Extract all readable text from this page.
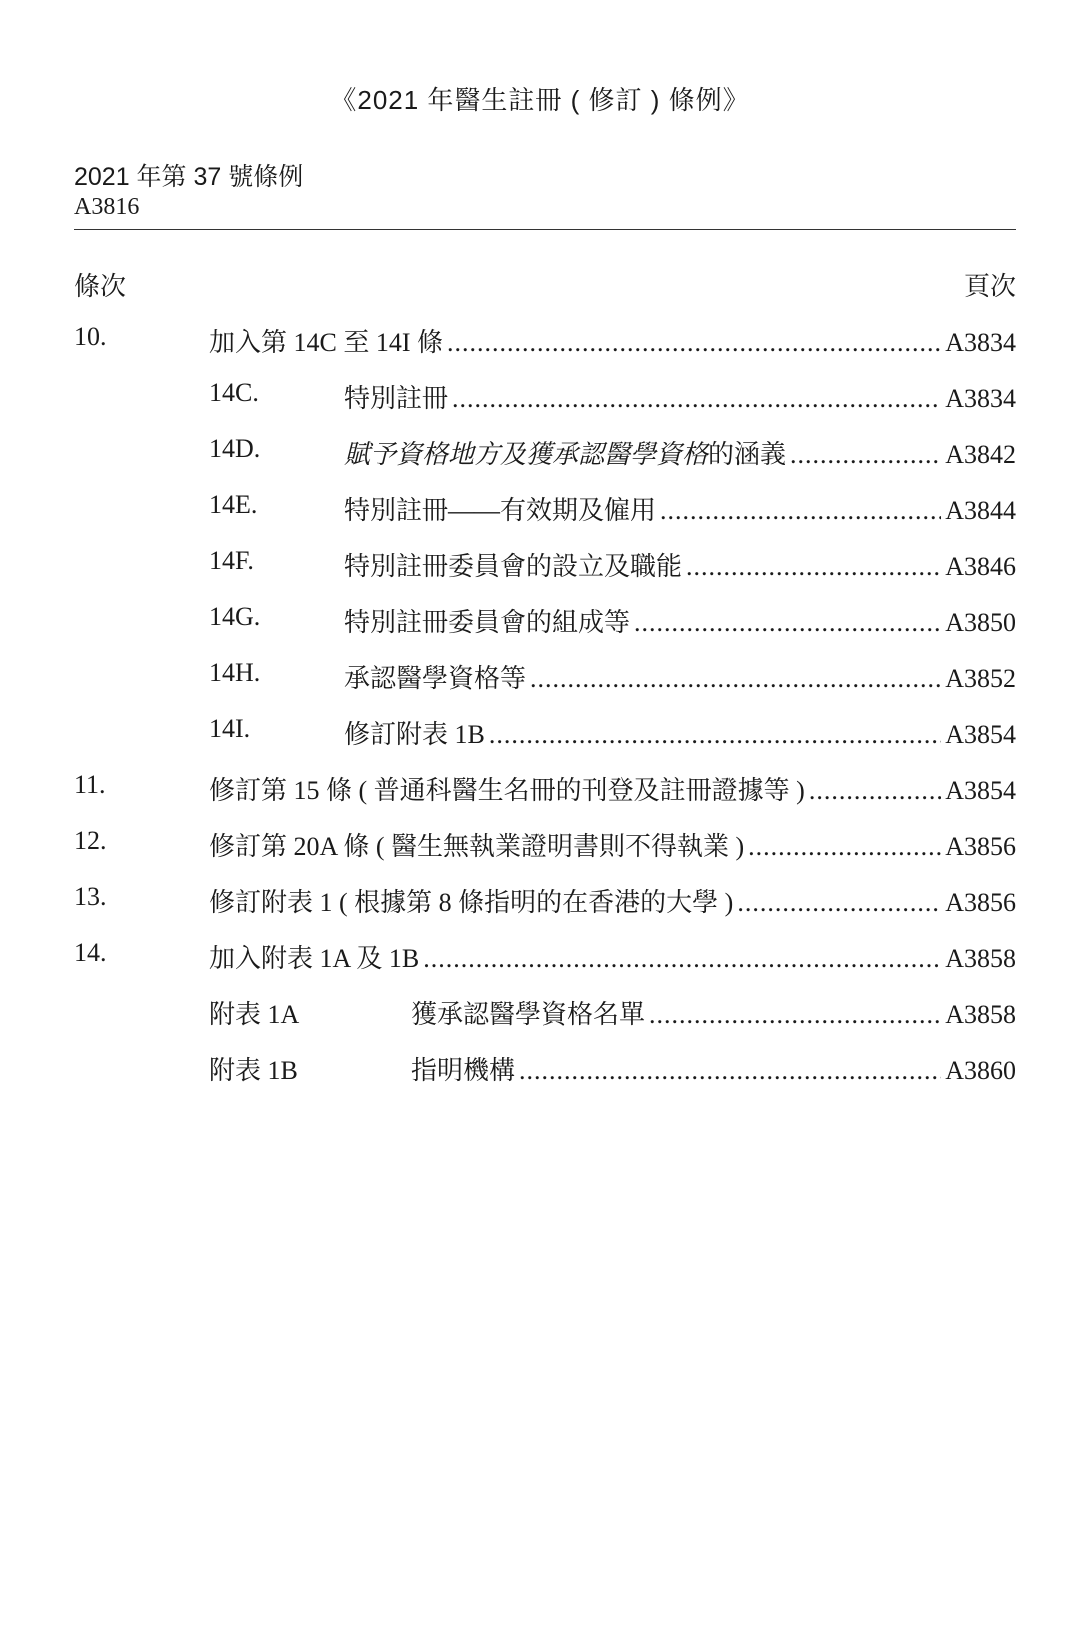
《2021 年醫生註冊 ( 修訂 ) 條例》
2021 年第 37 號條例
A3816
條次	頁次
10.	加入第 14C 至 14I 條 .....	A3834
14C.	特別註冊 .....	A3834
14D.	賦予資格地方及獲承認醫學資格的涵義 .....	A3842
14E.	特別註冊——有效期及僱用 .....	A3844
14F.	特別註冊委員會的設立及職能 .....	A3846
14G.	特別註冊委員會的組成等 .....	A3850
14H.	承認醫學資格等 .....	A3852
14I.	修訂附表 1B .....	A3854
11.	修訂第 15 條 ( 普通科醫生名冊的刊登及註冊證據等 ) .....	A3854
12.	修訂第 20A 條 ( 醫生無執業證明書則不得執業 ) .....	A3856
13.	修訂附表 1 ( 根據第 8 條指明的在香港的大學 ) .....	A3856
14.	加入附表 1A 及 1B .....	A3858
附表 1A	獲承認醫學資格名單 .....	A3858
附表 1B	指明機構 .....	A3860
